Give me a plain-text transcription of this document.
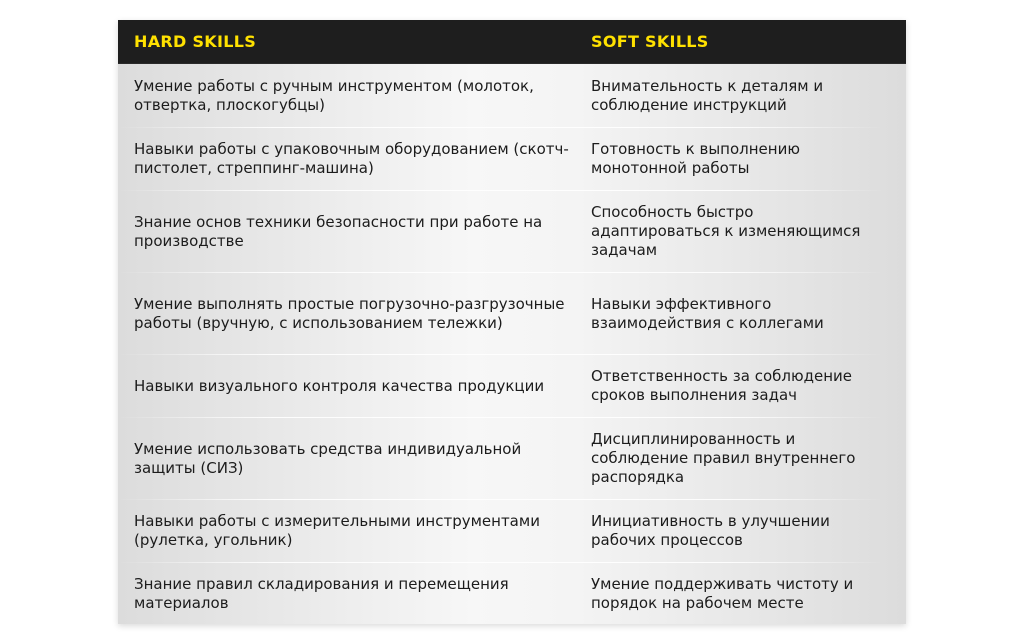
HARD SKILLS	SOFT SKILLS
Умение работы с ручным инструментом (молоток, отвертка, плоскогубцы)
Внимательность к деталям и соблюдение инструкций
Навыки работы с упаковочным оборудованием (скотч-пистолет, стреппинг-машина)
Готовность к выполнению монотонной работы
Знание основ техники безопасности при работе на производстве
Способность быстро адаптироваться к изменяющимся задачам
Умение выполнять простые погрузочно-разгрузочные работы (вручную, с использованием тележки)
Навыки эффективного взаимодействия с коллегами
Навыки визуального контроля качества продукции
Ответственность за соблюдение сроков выполнения задач
Умение использовать средства индивидуальной защиты (СИЗ)
Дисциплинированность и соблюдение правил внутреннего распорядка
Навыки работы с измерительными инструментами (рулетка, угольник)
Инициативность в улучшении рабочих процессов
Знание правил складирования и перемещения материалов
Умение поддерживать чистоту и порядок на рабочем месте
